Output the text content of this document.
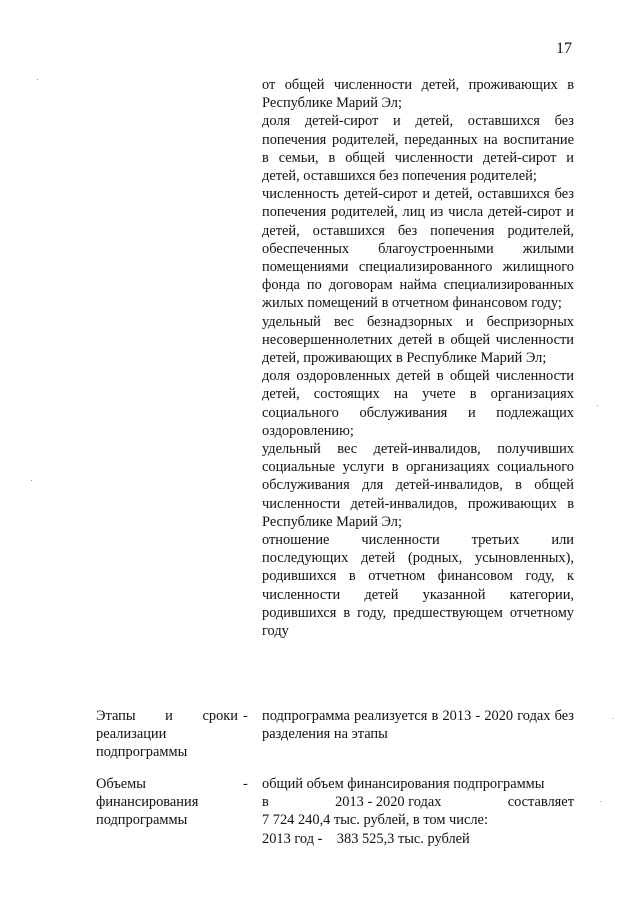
17
от общей численности детей, проживающих в Республике Марий Эл;
доля детей-сирот и детей, оставшихся без попечения родителей, переданных на воспитание в семьи, в общей численности детей-сирот и детей, оставшихся без попечения родителей;
численность детей-сирот и детей, оставшихся без попечения родителей, лиц из числа детей-сирот и детей, оставшихся без попечения родителей, обеспеченных благоустроенными жилыми помещениями специализированного жилищного фонда по договорам найма специализированных жилых помещений в отчетном финансовом году;
удельный вес безнадзорных и беспризорных несовершеннолетних детей в общей численности детей, проживающих в Республике Марий Эл;
доля оздоровленных детей в общей численности детей, состоящих на учете в организациях социального обслуживания и подлежащих оздоровлению;
удельный вес детей-инвалидов, получивших социальные услуги в организациях социального обслуживания для детей-инвалидов, в общей численности детей-инвалидов, проживающих в Республике Марий Эл;
отношение численности третьих или последующих детей (родных, усыновленных), родившихся в отчетном финансовом году, к численности детей указанной категории, родившихся в году, предшествующем отчетному году
Этапы и сроки реализации подпрограммы
- подпрограмма реализуется в 2013 - 2020 годах без разделения на этапы
Объемы финансирования подпрограммы
- общий объем финансирования подпрограммы
в	2013 - 2020 годах	составляет
7 724 240,4 тыс. рублей, в том числе:
2013 год -    383 525,3 тыс. рублей
